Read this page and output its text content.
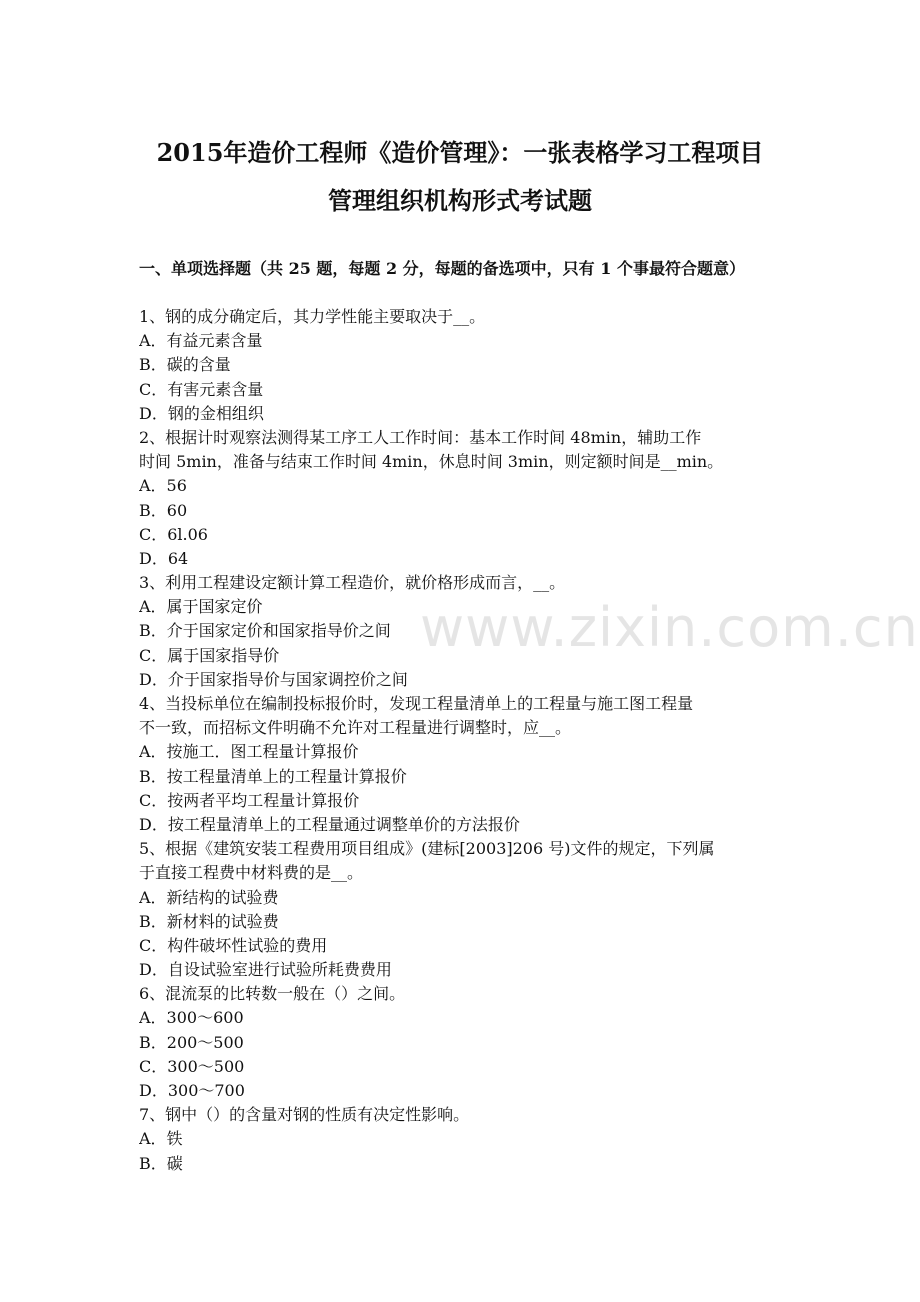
2015年造价工程师《造价管理》：一张表格学习工程项目
管理组织机构形式考试题
一、单项选择题（共 25 题，每题 2 分，每题的备选项中，只有 1 个事最符合题意）
1、钢的成分确定后，其力学性能主要取决于__。
A．有益元素含量
B．碳的含量
C．有害元素含量
D．钢的金相组织
2、根据计时观察法测得某工序工人工作时间：基本工作时间 48min，辅助工作
时间 5min，准备与结束工作时间 4min，休息时间 3min，则定额时间是__min。
A．56
B．60
C．6l.06
D．64
3、利用工程建设定额计算工程造价，就价格形成而言，__。
A．属于国家定价
B．介于国家定价和国家指导价之间
C．属于国家指导价
D．介于国家指导价与国家调控价之间
4、当投标单位在编制投标报价时，发现工程量清单上的工程量与施工图工程量
不一致，而招标文件明确不允许对工程量进行调整时，应__。
A．按施工．图工程量计算报价
B．按工程量清单上的工程量计算报价
C．按两者平均工程量计算报价
D．按工程量清单上的工程量通过调整单价的方法报价
5、根据《建筑安装工程费用项目组成》(建标[2003]206 号)文件的规定，下列属
于直接工程费中材料费的是__。
A．新结构的试验费
B．新材料的试验费
C．构件破坏性试验的费用
D．自设试验室进行试验所耗费费用
6、混流泵的比转数一般在（）之间。
A．300～600
B．200～500
C．300～500
D．300～700
7、钢中（）的含量对钢的性质有决定性影响。
A．铁
B．碳
www.zixin.com.cn
